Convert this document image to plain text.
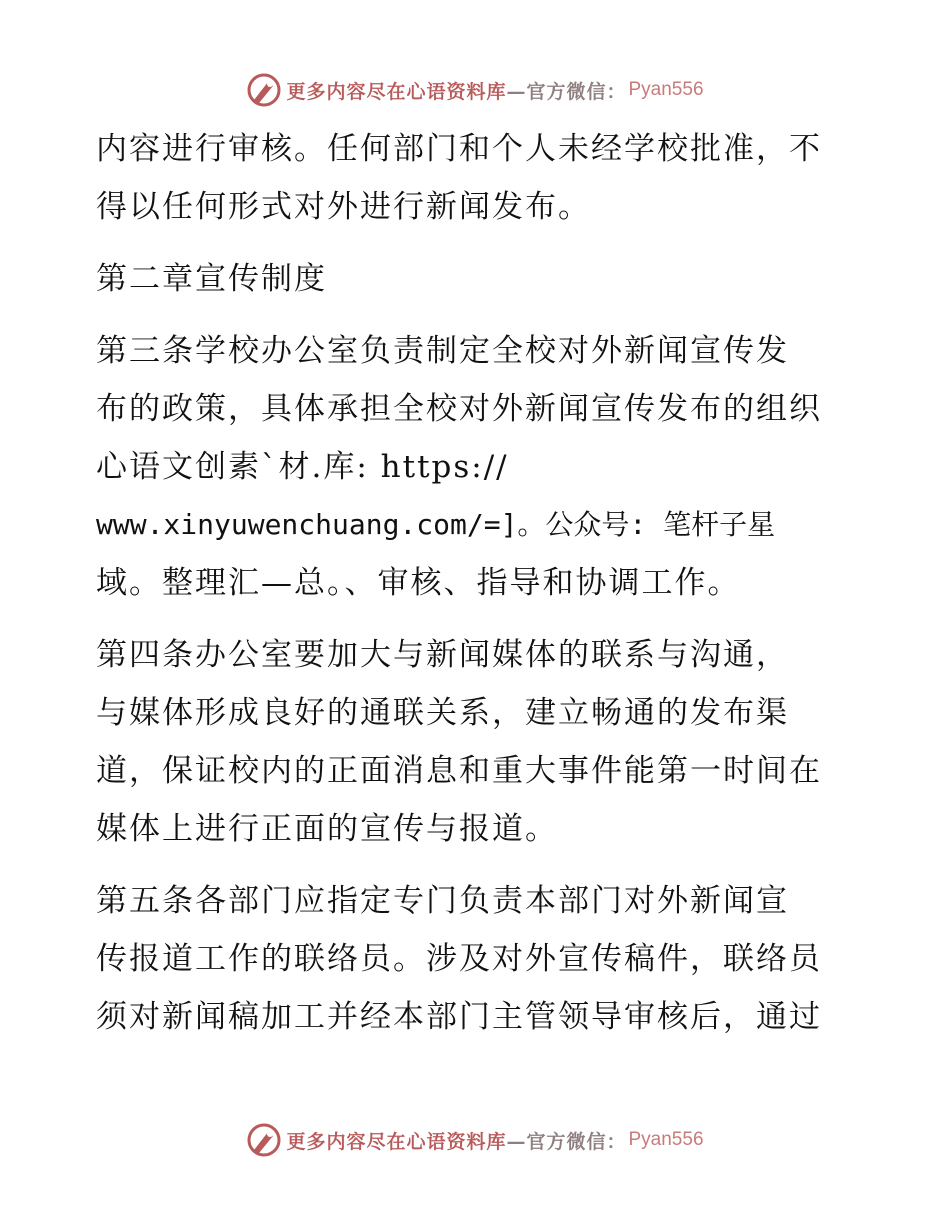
更多内容尽在心语资料库 —官方微信： Pyan556

内容进行审核。任何部门和个人未经学校批准，不
得以任何形式对外进行新闻发布。

第二章宣传制度

第三条学校办公室负责制定全校对外新闻宣传发
布的政策，具体承担全校对外新闻宣传发布的组织
心语文创素`材.库: https://
www.xinyuwenchuang.com/=]。公众号: 笔杆子星
域。整理汇—总。、审核、指导和协调工作。

第四条办公室要加大与新闻媒体的联系与沟通，
与媒体形成良好的通联关系，建立畅通的发布渠
道，保证校内的正面消息和重大事件能第一时间在
媒体上进行正面的宣传与报道。

第五条各部门应指定专门负责本部门对外新闻宣
传报道工作的联络员。涉及对外宣传稿件，联络员
须对新闻稿加工并经本部门主管领导审核后，通过

更多内容尽在心语资料库 —官方微信： Pyan556
